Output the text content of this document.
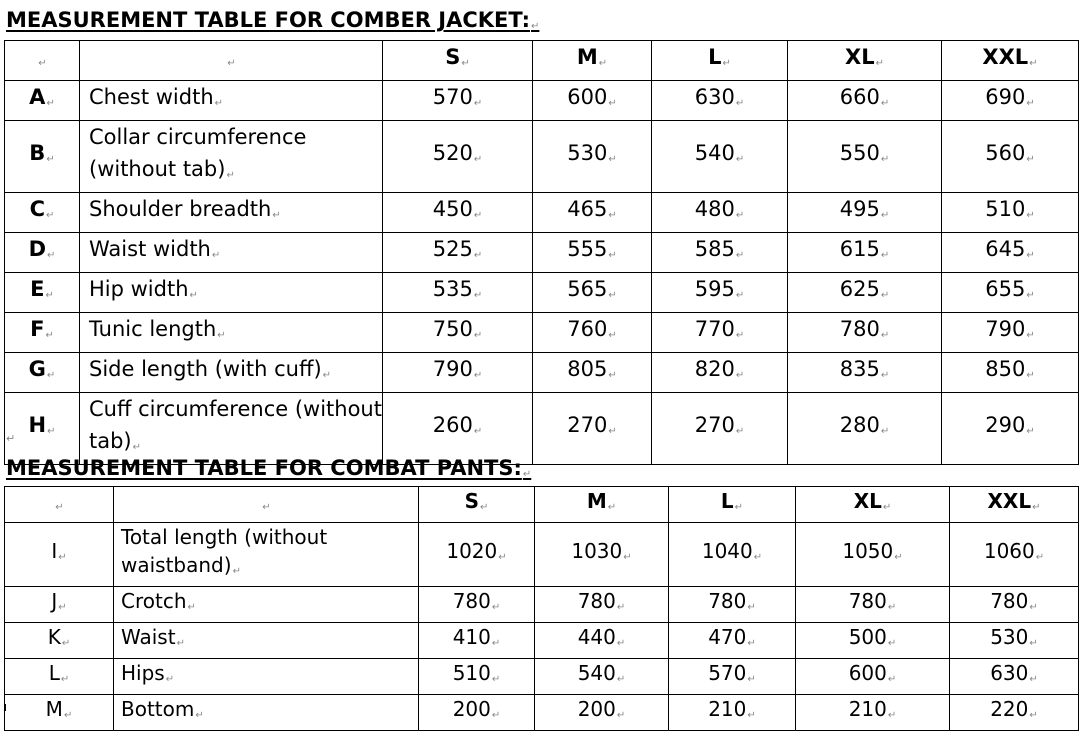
MEASUREMENT TABLE FOR COMBER JACKET: ↵
↵	↵	S ↵	M ↵	L ↵	XL ↵	XXL ↵
A ↵	Chest width ↵	570 ↵	600 ↵	630 ↵	660 ↵	690 ↵
B ↵	Collar circumference (without tab) ↵	520 ↵	530 ↵	540 ↵	550 ↵	560 ↵
C ↵	Shoulder breadth ↵	450 ↵	465 ↵	480 ↵	495 ↵	510 ↵
D ↵	Waist width ↵	525 ↵	555 ↵	585 ↵	615 ↵	645 ↵
E ↵	Hip width ↵	535 ↵	565 ↵	595 ↵	625 ↵	655 ↵
F ↵	Tunic length ↵	750 ↵	760 ↵	770 ↵	780 ↵	790 ↵
G ↵	Side length (with cuff) ↵	790 ↵	805 ↵	820 ↵	835 ↵	850 ↵
H ↵	Cuff circumference (without tab) ↵	260 ↵	270 ↵	270 ↵	280 ↵	290 ↵
↵
MEASUREMENT TABLE FOR COMBAT PANTS: ↵
↵	↵	S ↵	M ↵	L ↵	XL ↵	XXL ↵
I ↵	Total length (without waistband) ↵	1020 ↵	1030 ↵	1040 ↵	1050 ↵	1060 ↵
J ↵	Crotch ↵	780 ↵	780 ↵	780 ↵	780 ↵	780 ↵
K ↵	Waist ↵	410 ↵	440 ↵	470 ↵	500 ↵	530 ↵
L ↵	Hips ↵	510 ↵	540 ↵	570 ↵	600 ↵	630 ↵
M ↵	Bottom ↵	200 ↵	200 ↵	210 ↵	210 ↵	220 ↵
